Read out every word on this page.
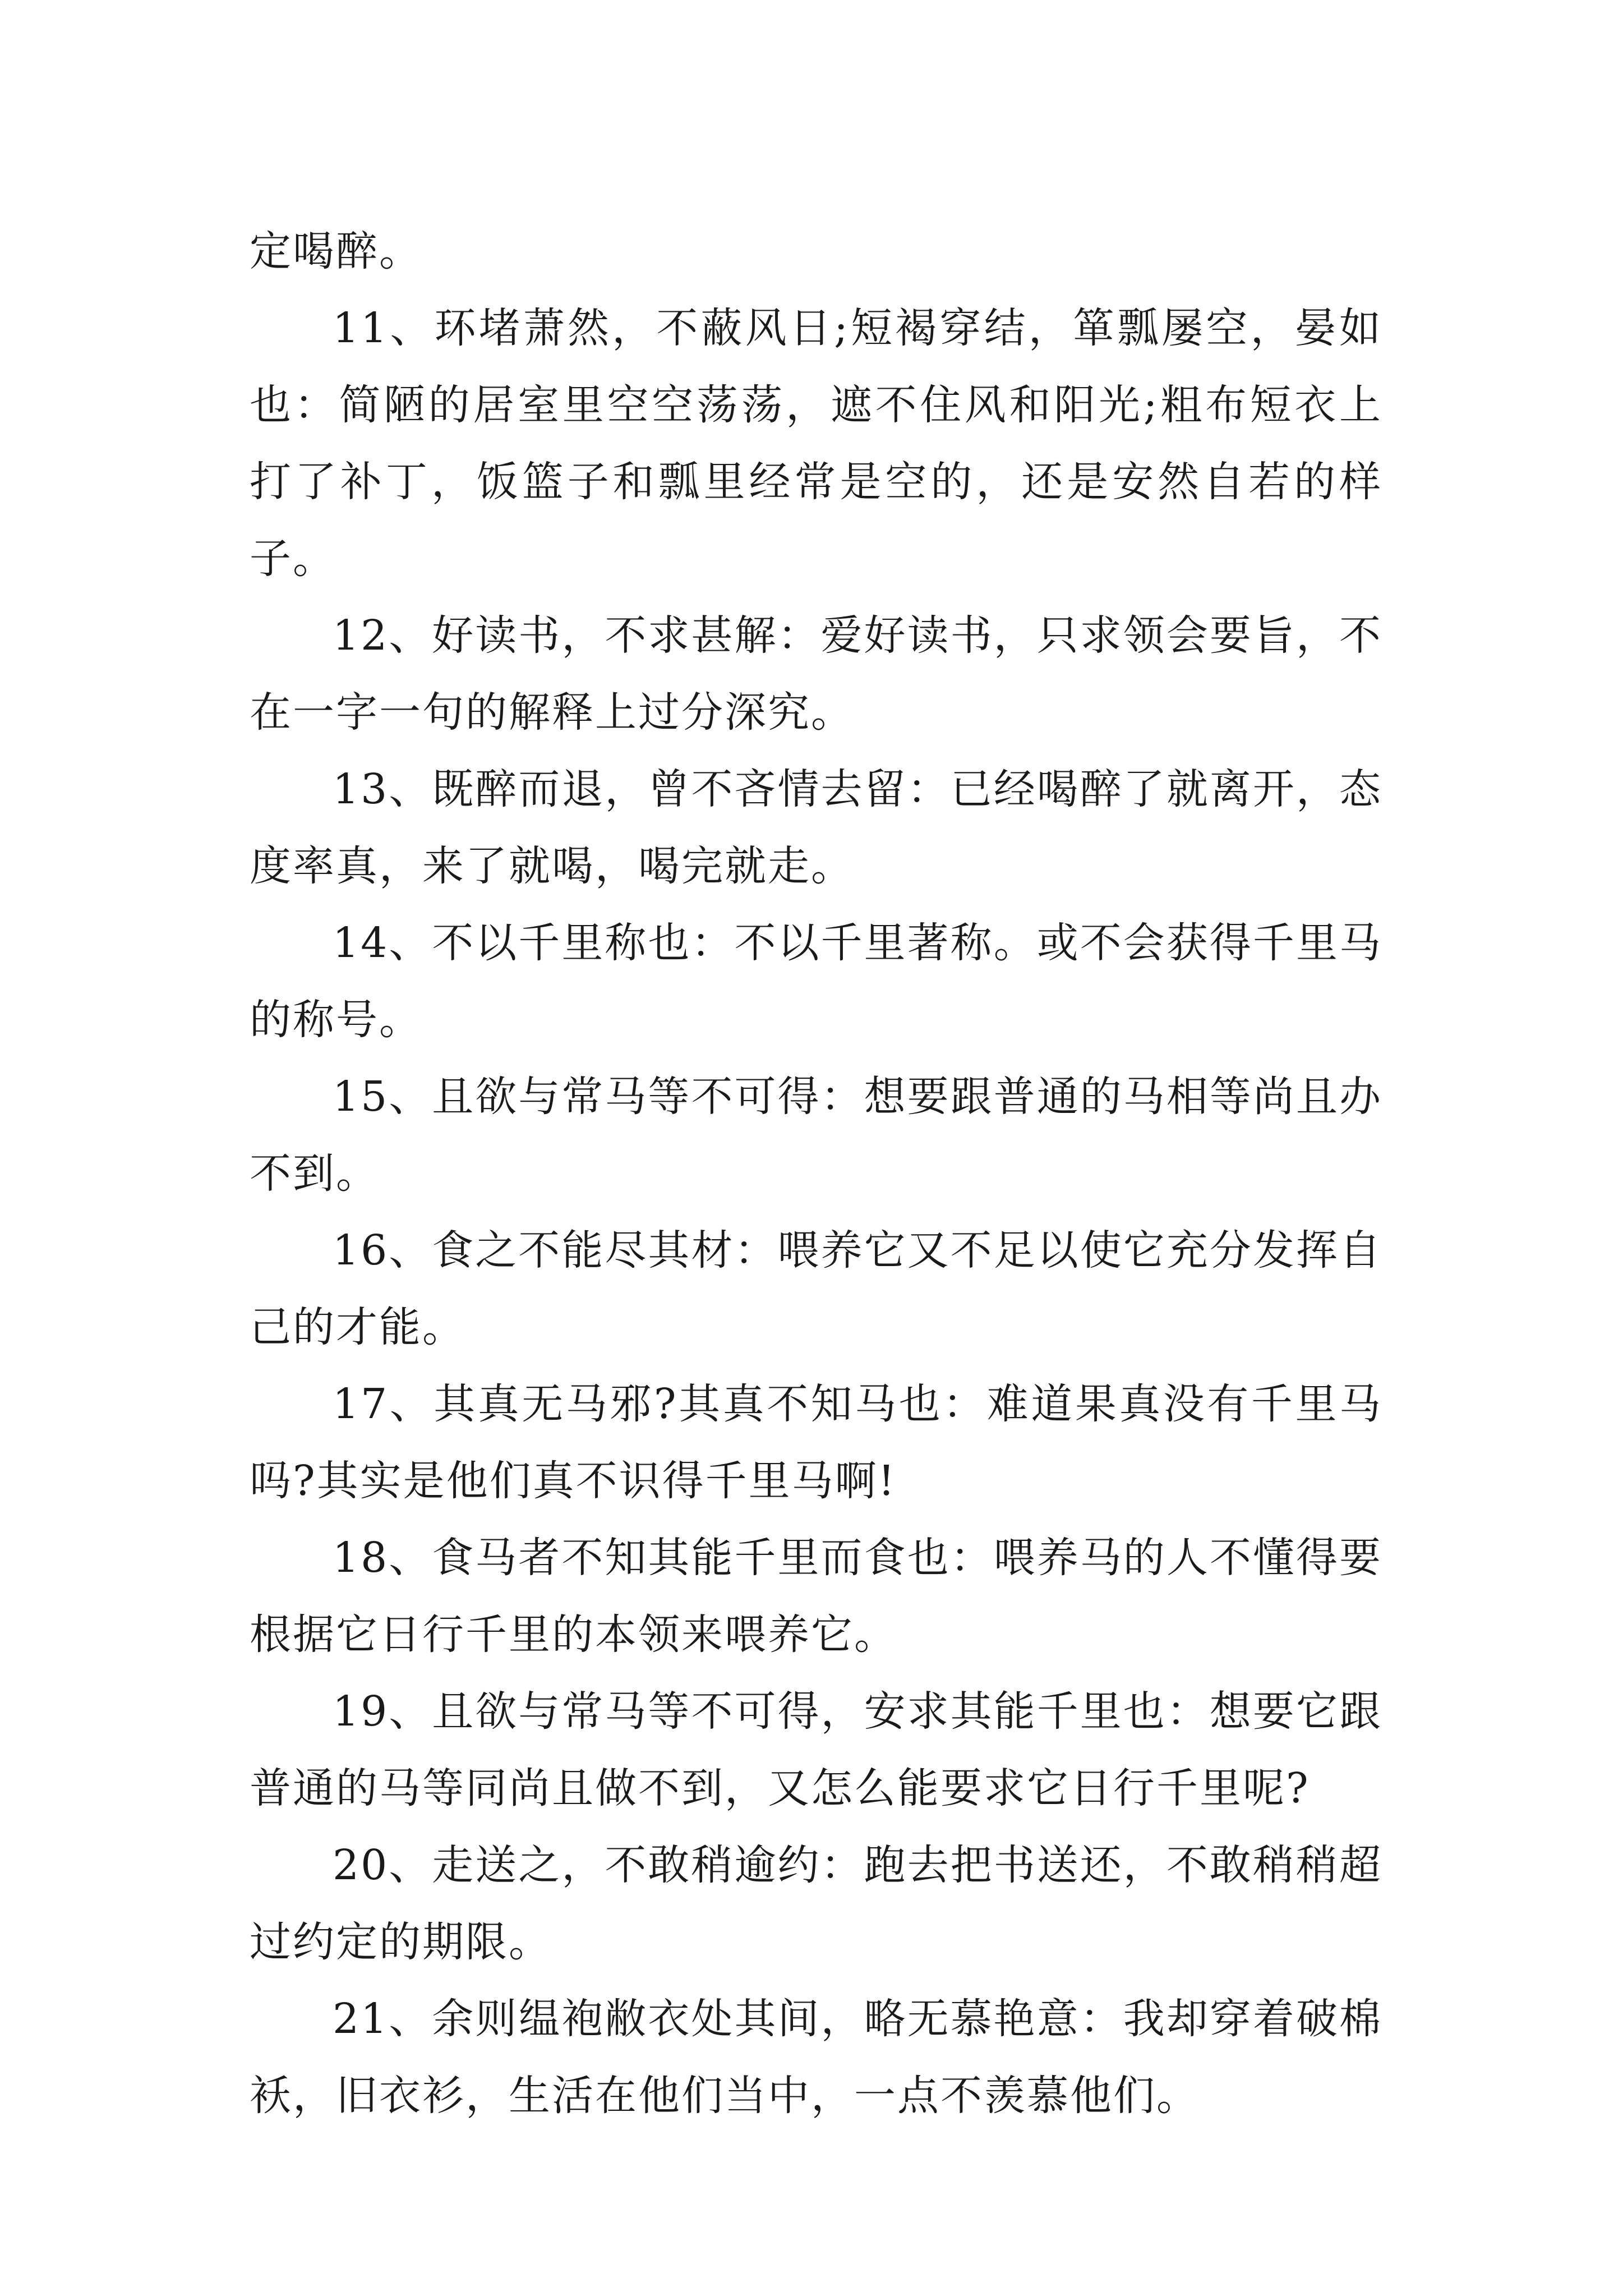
定喝醉。

11、环堵萧然，不蔽风日;短褐穿结，箪瓢屡空，晏如也：简陋的居室里空空荡荡，遮不住风和阳光;粗布短衣上打了补丁，饭篮子和瓢里经常是空的，还是安然自若的样子。

12、好读书，不求甚解：爱好读书，只求领会要旨，不在一字一句的解释上过分深究。

13、既醉而退，曾不吝情去留：已经喝醉了就离开，态度率真，来了就喝，喝完就走。

14、不以千里称也：不以千里著称。或不会获得千里马的称号。

15、且欲与常马等不可得：想要跟普通的马相等尚且办不到。

16、食之不能尽其材：喂养它又不足以使它充分发挥自己的才能。

17、其真无马邪?其真不知马也：难道果真没有千里马吗?其实是他们真不识得千里马啊!

18、食马者不知其能千里而食也：喂养马的人不懂得要根据它日行千里的本领来喂养它。

19、且欲与常马等不可得，安求其能千里也：想要它跟普通的马等同尚且做不到，又怎么能要求它日行千里呢?

20、走送之，不敢稍逾约：跑去把书送还，不敢稍稍超过约定的期限。

21、余则缊袍敝衣处其间，略无慕艳意：我却穿着破棉袄，旧衣衫，生活在他们当中，一点不羡慕他们。
